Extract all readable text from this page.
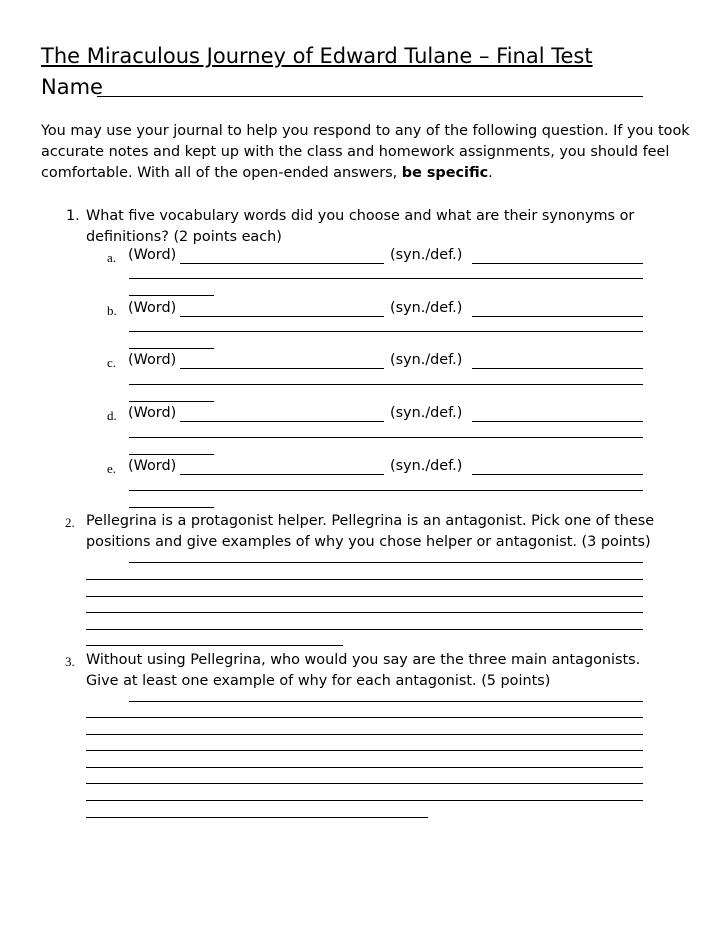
The Miraculous Journey of Edward Tulane – Final Test
Name
You may use your journal to help you respond to any of the following question. If you took accurate notes and kept up with the class and homework assignments, you should feel comfortable. With all of the open-ended answers, be specific.
1. What five vocabulary words did you choose and what are their synonyms or definitions? (2 points each)
a. (Word)	(syn./def.)
b. (Word)	(syn./def.)
c. (Word)	(syn./def.)
d. (Word)	(syn./def.)
e. (Word)	(syn./def.)
2. Pellegrina is a protagonist helper. Pellegrina is an antagonist. Pick one of these positions and give examples of why you chose helper or antagonist. (3 points)
3. Without using Pellegrina, who would you say are the three main antagonists. Give at least one example of why for each antagonist. (5 points)
